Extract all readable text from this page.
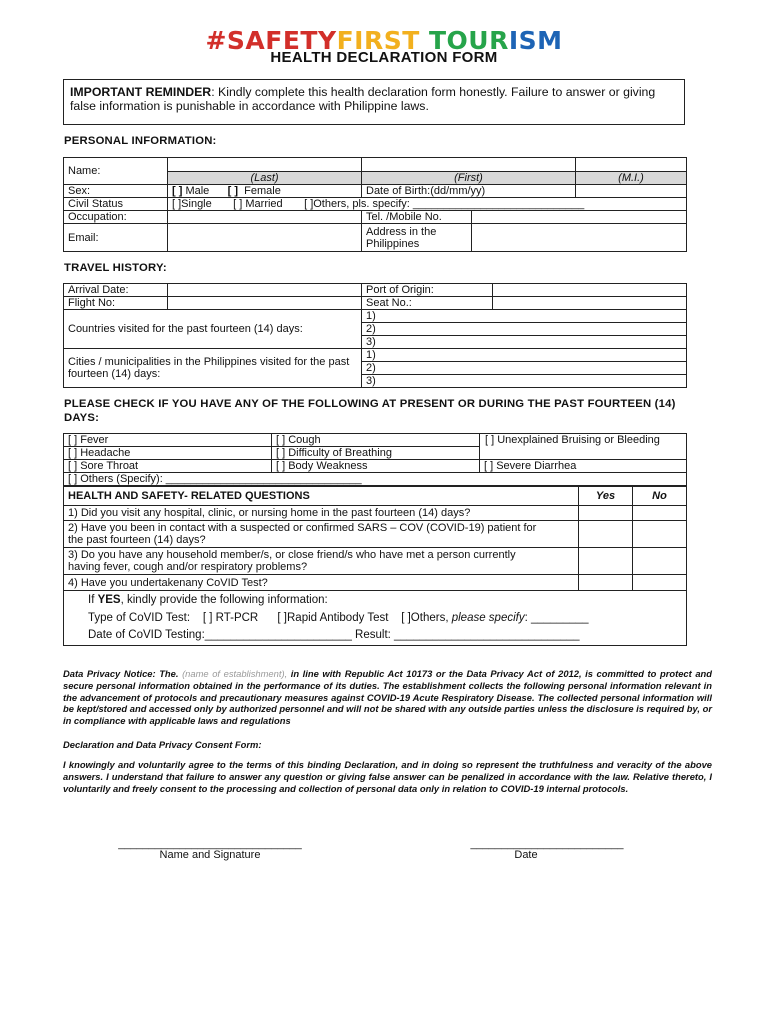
#SAFETYFIRST TOURISM
HEALTH DECLARATION FORM
IMPORTANT REMINDER: Kindly complete this health declaration form honestly. Failure to answer or giving false information is punishable in accordance with Philippine laws.
PERSONAL INFORMATION:
Name:				
	(Last)	(First)		(M.I.)
Sex:	[ ] Male [ ]  Female	Date of Birth:(dd/mm/yy)		
Civil Status	[ ]Single [ ] Married [ ]Others, pls. specify: ____________________________			
Occupation:		Tel. /Mobile No.		
Email:		Address in the Philippines		
TRAVEL HISTORY:
Arrival Date:		Port of Origin:	
Flight No:		Seat No.:	
Countries visited for the past fourteen (14) days:		1)	
		2)	
		3)	
Cities / municipalities in the Philippines visited for the past fourteen (14) days:		1)	
		2)	
		3)	
PLEASE CHECK IF YOU HAVE ANY OF THE FOLLOWING AT PRESENT OR DURING THE PAST FOURTEEN (14) DAYS:
[ ] Fever	[ ] Cough	[ ] Unexplained Bruising or Bleeding
[ ] Headache	[ ] Difficulty of Breathing	
[ ] Sore Throat	[ ] Body Weakness	[ ] Severe Diarrhea
[ ] Others (Specify): ________________________________		
HEALTH AND SAFETY- RELATED QUESTIONS	Yes	No
1) Did you visit any hospital, clinic, or nursing home in the past fourteen (14) days?		
2) Have you been in contact with a suspected or confirmed SARS – COV (COVID-19) patient for the past fourteen (14) days?		
3) Do you have any household member/s, or close friend/s who have met a person currently having fever, cough and/or respiratory problems?		
4) Have you undertakenany CoVID Test?		

If YES, kindly provide the following information:
Type of CoVID Test: [ ] RT-PCR [ ]Rapid Antibody Test [ ]Others, please specify: _________
Date of CoVID Testing:_______________________ Result: _____________________________		
Data Privacy Notice: The. (name of establishment), in line with Republic Act 10173 or the Data Privacy Act of 2012, is committed to protect and secure personal information obtained in the performance of its duties. The establishment collects the following personal information relevant in the advancement of protocols and precautionary measures against COVID-19 Acute Respiratory Disease. The collected personal information will be kept/stored and accessed only by authorized personnel and will not be shared with any outside parties unless the disclosure is required by, or in compliance with applicable laws and regulations
Declaration and Data Privacy Consent Form:
I knowingly and voluntarily agree to the terms of this binding Declaration, and in doing so represent the truthfulness and veracity of the above answers. I understand that failure to answer any question or giving false answer can be penalized in accordance with the law. Relative thereto, I voluntarily and freely consent to the processing and collection of personal data only in relation to COVID-19 internal protocols.
______________________________
Name and Signature
_________________________
Date
